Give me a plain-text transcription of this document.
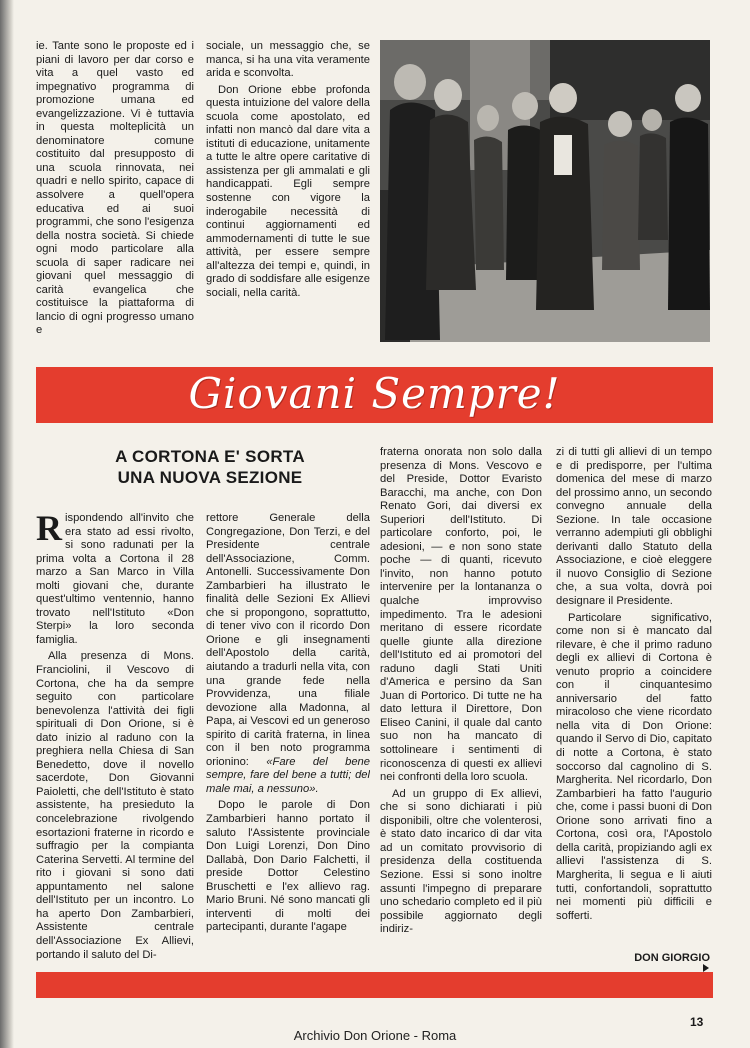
ie. Tante sono le proposte ed i piani di lavoro per dar corso e vita a quel vasto ed impegnativo programma di promozione umana ed evangelizzazione. Vi è tuttavia in questa molteplicità un denominatore comune costituito dal presupposto di una scuola rinnovata, nei quadri e nello spirito, capace di assolvere a quell'opera educativa ed ai suoi programmi, che sono l'esigenza della nostra società. Si chiede ogni modo particolare alla scuola di saper radicare nei giovani quel messaggio di carità evangelica che costituisce la piattaforma di lancio di ogni progresso umano e

sociale, un messaggio che, se manca, si ha una vita veramente arida e sconvolta.

Don Orione ebbe profonda questa intuizione del valore della scuola come apostolato, ed infatti non mancò dal dare vita a istituti di educazione, unitamente a tutte le altre opere caritative di assistenza per gli ammalati e gli handicappati. Egli sempre sostenne con vigore la inderogabile necessità di continui aggiornamenti ed ammodernamenti di tutte le sue attività, per essere sempre all'altezza dei tempi e, quindi, in grado di soddisfare alle esigenze sociali, nella carità.

Giovani Sempre!
A CORTONA E' SORTA
UNA NUOVA SEZIONE

Rispondendo all'invito che era stato ad essi rivolto, si sono radunati per la prima volta a Cortona il 28 marzo a San Marco in Villa molti giovani che, durante quest'ultimo ventennio, hanno trovato nell'Istituto «Don Sterpi» la loro seconda famiglia.

Alla presenza di Mons. Franciolini, il Vescovo di Cortona, che ha da sempre seguito con particolare benevolenza l'attività dei figli spirituali di Don Orione, si è dato inizio al raduno con la preghiera nella Chiesa di San Benedetto, dove il novello sacerdote, Don Giovanni Paioletti, che dell'Istituto è stato assistente, ha presieduto la concelebrazione rivolgendo esortazioni fraterne in ricordo e suffragio per la compianta Caterina Servetti. Al termine del rito i giovani si sono dati appuntamento nel salone dell'Istituto per un incontro. Lo ha aperto Don Zambarbieri, Assistente centrale dell'Associazione Ex Allievi, portando il saluto del Di-

rettore Generale della Congregazione, Don Terzi, e del Presidente centrale dell'Associazione, Comm. Antonelli. Successivamente Don Zambarbieri ha illustrato le finalità delle Sezioni Ex Allievi che si propongono, soprattutto, di tener vivo con il ricordo Don Orione e gli insegnamenti dell'Apostolo della carità, aiutando a tradurli nella vita, con una grande fede nella Provvidenza, una filiale devozione alla Madonna, al Papa, ai Vescovi ed un generoso spirito di carità fraterna, in linea con il ben noto programma orionino: «Fare del bene sempre, fare del bene a tutti; del male mai, a nessuno».

Dopo le parole di Don Zambarbieri hanno portato il saluto l'Assistente provinciale Don Luigi Lorenzi, Don Dino Dallabà, Don Dario Falchetti, il preside Dottor Celestino Bruschetti e l'ex allievo rag. Mario Bruni. Né sono mancati gli interventi di molti dei partecipanti, durante l'agape

fraterna onorata non solo dalla presenza di Mons. Vescovo e del Preside, Dottor Evaristo Baracchi, ma anche, con Don Renato Gori, dai diversi ex Superiori dell'Istituto. Di particolare conforto, poi, le adesioni, — e non sono state poche — di quanti, ricevuto l'invito, non hanno potuto intervenire per la lontananza o qualche improvviso impedimento. Tra le adesioni meritano di essere ricordate quelle giunte alla direzione dell'Istituto ed ai promotori del raduno dagli Stati Uniti d'America e persino da San Juan di Portorico. Di tutte ne ha dato lettura il Direttore, Don Eliseo Canini, il quale dal canto suo non ha mancato di sottolineare i sentimenti di riconoscenza di questi ex allievi nei confronti della loro scuola.

Ad un gruppo di Ex allievi, che si sono dichiarati i più disponibili, oltre che volenterosi, è stato dato incarico di dar vita ad un comitato provvisorio di presidenza della costituenda Sezione. Essi si sono inoltre assunti l'impegno di preparare uno schedario completo ed il più possibile aggiornato degli indiriz-

zi di tutti gli allievi di un tempo e di predisporre, per l'ultima domenica del mese di marzo del prossimo anno, un secondo convegno annuale della Sezione. In tale occasione verranno adempiuti gli obblighi derivanti dallo Statuto della Associazione, e cioè eleggere il nuovo Consiglio di Sezione che, a sua volta, dovrà poi designare il Presidente.

Particolare significativo, come non si è mancato dal rilevare, è che il primo raduno degli ex allievi di Cortona è venuto proprio a coincidere con il cinquantesimo anniversario del fatto miracoloso che viene ricordato nella vita di Don Orione: quando il Servo di Dio, capitato di notte a Cortona, è stato soccorso dal cagnolino di S. Margherita. Nel ricordarlo, Don Zambarbieri ha fatto l'augurio che, come i passi buoni di Don Orione sono arrivati fino a Cortona, così ora, l'Apostolo della carità, propiziando agli ex allievi l'assistenza di S. Margherita, li segua e li aiuti tutti, confortandoli, soprattutto nei momenti più difficili e sofferti.

DON GIORGIO
13
Archivio Don Orione - Roma
